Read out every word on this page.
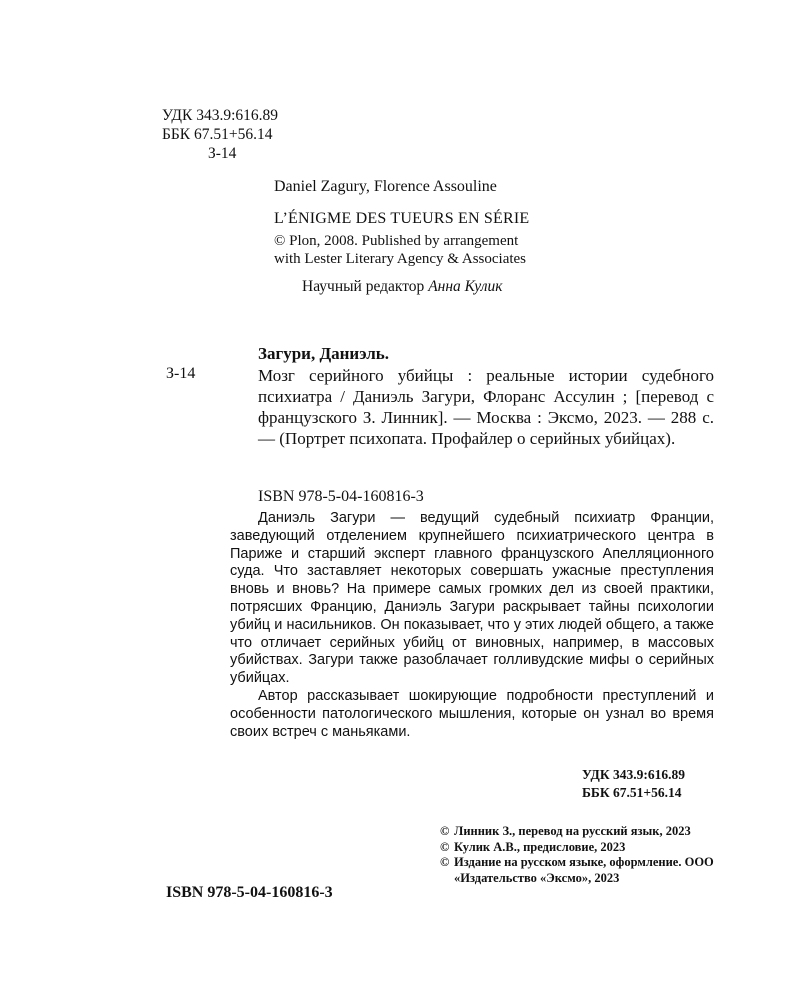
УДК 343.9:616.89
ББК 67.51+56.14
З-14
Daniel Zagury, Florence Assouline
L’ÉNIGME DES TUEURS EN SÉRIE
© Plon, 2008. Published by arrangement
with Lester Literary Agency & Associates
Научный редактор Анна Кулик
Загури, Даниэль.
З-14	Мозг серийного убийцы : реальные истории судебного психиатра / Даниэль Загури, Флоранс Ассулин ; [перевод с французского З. Линник]. — Москва : Эксмо, 2023. — 288 с. — (Портрет психопата. Профайлер о серийных убийцах).
ISBN 978-5-04-160816-3

Даниэль Загури — ведущий судебный психиатр Франции, заведующий отделением крупнейшего психиатрического центра в Париже и старший эксперт главного французского Апелляционного суда. Что заставляет некоторых совершать ужасные преступления вновь и вновь? На примере самых громких дел из своей практики, потрясших Францию, Даниэль Загури раскрывает тайны психологии убийц и насильников. Он показывает, что у этих людей общего, а также что отличает серийных убийц от виновных, например, в массовых убийствах. Загури также разоблачает голливудские мифы о серийных убийцах.

Автор рассказывает шокирующие подробности преступлений и особенности патологического мышления, которые он узнал во время своих встреч с маньяками.

УДК 343.9:616.89
ББК 67.51+56.14
© Линник З., перевод на русский язык, 2023
© Кулик А.В., предисловие, 2023
© Издание на русском языке, оформление. ООО «Издательство «Эксмо», 2023
ISBN 978-5-04-160816-3
